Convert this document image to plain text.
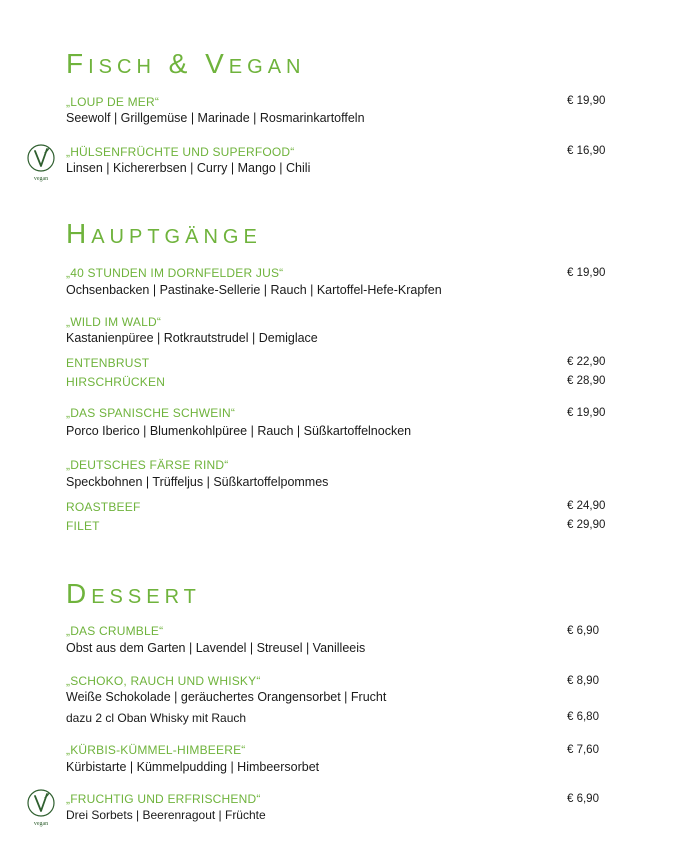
Fisch & Vegan
„LOUP DE MER“
Seewolf | Grillgemüse | Marinade | Rosmarinkartoffeln
€ 19,90
vegan
„HÜLSENFRÜCHTE UND SUPERFOOD“
Linsen | Kichererbsen | Curry | Mango | Chili
€ 16,90
Hauptgänge
„40 STUNDEN IM DORNFELDER JUS“
Ochsenbacken | Pastinake-Sellerie | Rauch | Kartoffel-Hefe-Krapfen
€ 19,90
„WILD IM WALD“
Kastanienpüree | Rotkrautstrudel | Demiglace
ENTENBRUST	€ 22,90
HIRSCHRÜCKEN	€ 28,90
„DAS SPANISCHE SCHWEIN“
Porco Iberico | Blumenkohlpüree | Rauch | Süßkartoffelnocken
€ 19,90
„DEUTSCHES FÄRSE RIND“
Speckbohnen | Trüffeljus | Süßkartoffelpommes
ROASTBEEF	€ 24,90
FILET	€ 29,90
Dessert
„DAS CRUMBLE“
Obst aus dem Garten | Lavendel | Streusel | Vanilleeis
€ 6,90
„SCHOKO, RAUCH UND WHISKY“
Weiße Schokolade | geräuchertes Orangensorbet | Frucht
€ 8,90
dazu 2 cl Oban Whisky mit Rauch	€ 6,80
„KÜRBIS-KÜMMEL-HIMBEERE“
Kürbistarte | Kümmelpudding | Himbeersorbet
€ 7,60
vegan
„FRUCHTIG UND ERFRISCHEND“
Drei Sorbets | Beerenragout | Früchte
€ 6,90
